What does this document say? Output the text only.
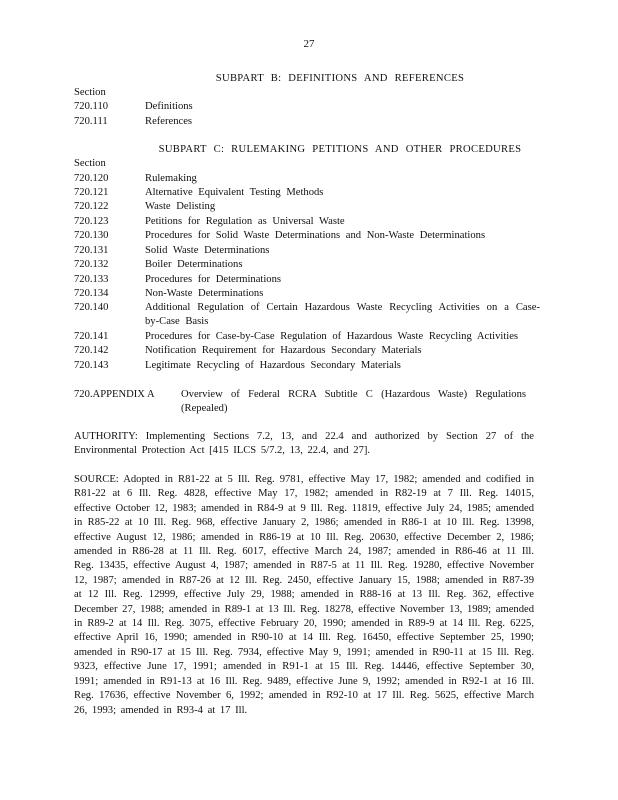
27
SUBPART B: DEFINITIONS AND REFERENCES
Section
720.110	Definitions
720.111	References
SUBPART C: RULEMAKING PETITIONS AND OTHER PROCEDURES
Section
720.120	Rulemaking
720.121	Alternative Equivalent Testing Methods
720.122	Waste Delisting
720.123	Petitions for Regulation as Universal Waste
720.130	Procedures for Solid Waste Determinations and Non-Waste Determinations
720.131	Solid Waste Determinations
720.132	Boiler Determinations
720.133	Procedures for Determinations
720.134	Non-Waste Determinations
720.140	Additional Regulation of Certain Hazardous Waste Recycling Activities on a Case-by-Case Basis
720.141	Procedures for Case-by-Case Regulation of Hazardous Waste Recycling Activities
720.142	Notification Requirement for Hazardous Secondary Materials
720.143	Legitimate Recycling of Hazardous Secondary Materials
720.APPENDIX A Overview of Federal RCRA Subtitle C (Hazardous Waste) Regulations (Repealed)
AUTHORITY: Implementing Sections 7.2, 13, and 22.4 and authorized by Section 27 of the Environmental Protection Act [415 ILCS 5/7.2, 13, 22.4, and 27].
SOURCE: Adopted in R81-22 at 5 Ill. Reg. 9781, effective May 17, 1982; amended and codified in R81-22 at 6 Ill. Reg. 4828, effective May 17, 1982; amended in R82-19 at 7 Ill. Reg. 14015, effective October 12, 1983; amended in R84-9 at 9 Ill. Reg. 11819, effective July 24, 1985; amended in R85-22 at 10 Ill. Reg. 968, effective January 2, 1986; amended in R86-1 at 10 Ill. Reg. 13998, effective August 12, 1986; amended in R86-19 at 10 Ill. Reg. 20630, effective December 2, 1986; amended in R86-28 at 11 Ill. Reg. 6017, effective March 24, 1987; amended in R86-46 at 11 Ill. Reg. 13435, effective August 4, 1987; amended in R87-5 at 11 Ill. Reg. 19280, effective November 12, 1987; amended in R87-26 at 12 Ill. Reg. 2450, effective January 15, 1988; amended in R87-39 at 12 Ill. Reg. 12999, effective July 29, 1988; amended in R88-16 at 13 Ill. Reg. 362, effective December 27, 1988; amended in R89-1 at 13 Ill. Reg. 18278, effective November 13, 1989; amended in R89-2 at 14 Ill. Reg. 3075, effective February 20, 1990; amended in R89-9 at 14 Ill. Reg. 6225, effective April 16, 1990; amended in R90-10 at 14 Ill. Reg. 16450, effective September 25, 1990; amended in R90-17 at 15 Ill. Reg. 7934, effective May 9, 1991; amended in R90-11 at 15 Ill. Reg. 9323, effective June 17, 1991; amended in R91-1 at 15 Ill. Reg. 14446, effective September 30, 1991; amended in R91-13 at 16 Ill. Reg. 9489, effective June 9, 1992; amended in R92-1 at 16 Ill. Reg. 17636, effective November 6, 1992; amended in R92-10 at 17 Ill. Reg. 5625, effective March 26, 1993; amended in R93-4 at 17 Ill.
